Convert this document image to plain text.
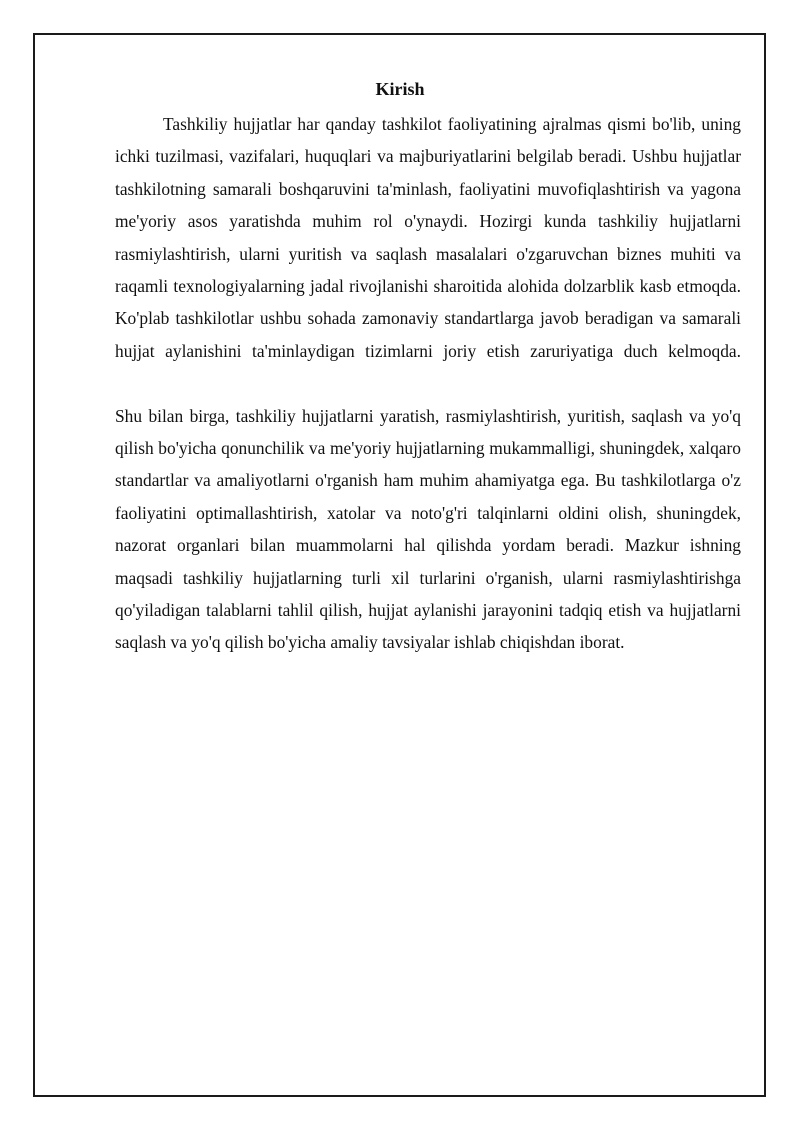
Kirish

Tashkiliy hujjatlar har qanday tashkilot faoliyatining ajralmas qismi bo'lib, uning ichki tuzilmasi, vazifalari, huquqlari va majburiyatlarini belgilab beradi. Ushbu hujjatlar tashkilotning samarali boshqaruvini ta'minlash, faoliyatini muvofiqlashtirish va yagona me'yoriy asos yaratishda muhim rol o'ynaydi. Hozirgi kunda tashkiliy hujjatlarni rasmiylashtirish, ularni yuritish va saqlash masalalari o'zgaruvchan biznes muhiti va raqamli texnologiyalarning jadal rivojlanishi sharoitida alohida dolzarblik kasb etmoqda. Ko'plab tashkilotlar ushbu sohada zamonaviy standartlarga javob beradigan va samarali hujjat aylanishini ta'minlaydigan tizimlarni joriy etish zaruriyatiga duch kelmoqda.

Shu bilan birga, tashkiliy hujjatlarni yaratish, rasmiylashtirish, yuritish, saqlash va yo'q qilish bo'yicha qonunchilik va me'yoriy hujjatlarning mukammalligi, shuningdek, xalqaro standartlar va amaliyotlarni o'rganish ham muhim ahamiyatga ega. Bu tashkilotlarga o'z faoliyatini optimallashtirish, xatolar va noto'g'ri talqinlarni oldini olish, shuningdek, nazorat organlari bilan muammolarni hal qilishda yordam beradi. Mazkur ishning maqsadi tashkiliy hujjatlarning turli xil turlarini o'rganish, ularni rasmiylashtirishga qo'yiladigan talablarni tahlil qilish, hujjat aylanishi jarayonini tadqiq etish va hujjatlarni saqlash va yo'q qilish bo'yicha amaliy tavsiyalar ishlab chiqishdan iborat.
